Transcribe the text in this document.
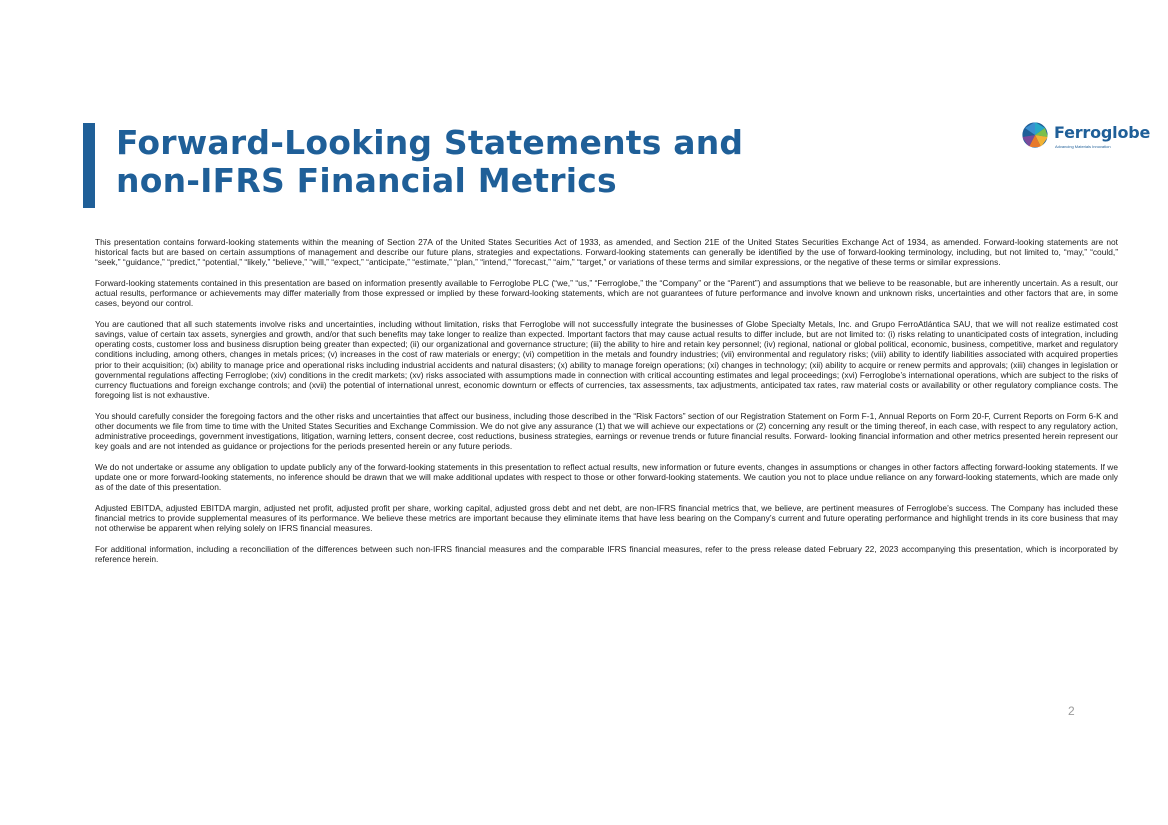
Forward-Looking Statements and
non-IFRS Financial Metrics
Ferroglobe
Advancing Materials Innovation

This presentation contains forward-looking statements within the meaning of Section 27A of the United States Securities Act of 1933, as amended, and Section 21E of the United States Securities Exchange Act of 1934, as amended. Forward-looking statements are not historical facts but are based on certain assumptions of management and describe our future plans, strategies and expectations. Forward-looking statements can generally be identified by the use of forward-looking terminology, including, but not limited to, “may,” “could,” “seek,” “guidance,” “predict,” “potential,” “likely,” “believe,” “will,” “expect,” “anticipate,” “estimate,” “plan,” “intend,” “forecast,” “aim,” “target,” or variations of these terms and similar expressions, or the negative of these terms or similar expressions.

Forward-looking statements contained in this presentation are based on information presently available to Ferroglobe PLC (“we,” “us,” “Ferroglobe,” the “Company” or the “Parent”) and assumptions that we believe to be reasonable, but are inherently uncertain. As a result, our actual results, performance or achievements may differ materially from those expressed or implied by these forward-looking statements, which are not guarantees of future performance and involve known and unknown risks, uncertainties and other factors that are, in some cases, beyond our control.

You are cautioned that all such statements involve risks and uncertainties, including without limitation, risks that Ferroglobe will not successfully integrate the businesses of Globe Specialty Metals, Inc. and Grupo FerroAtlántica SAU, that we will not realize estimated cost savings, value of certain tax assets, synergies and growth, and/or that such benefits may take longer to realize than expected. Important factors that may cause actual results to differ include, but are not limited to: (i) risks relating to unanticipated costs of integration, including operating costs, customer loss and business disruption being greater than expected; (ii) our organizational and governance structure; (iii) the ability to hire and retain key personnel; (iv) regional, national or global political, economic, business, competitive, market and regulatory conditions including, among others, changes in metals prices; (v) increases in the cost of raw materials or energy; (vi) competition in the metals and foundry industries; (vii) environmental and regulatory risks; (viii) ability to identify liabilities associated with acquired properties prior to their acquisition; (ix) ability to manage price and operational risks including industrial accidents and natural disasters; (x) ability to manage foreign operations; (xi) changes in technology; (xii) ability to acquire or renew permits and approvals; (xiii) changes in legislation or governmental regulations affecting Ferroglobe; (xiv) conditions in the credit markets; (xv) risks associated with assumptions made in connection with critical accounting estimates and legal proceedings; (xvi) Ferroglobe’s international operations, which are subject to the risks of currency fluctuations and foreign exchange controls; and (xvii) the potential of international unrest, economic downturn or effects of currencies, tax assessments, tax adjustments, anticipated tax rates, raw material costs or availability or other regulatory compliance costs. The foregoing list is not exhaustive.

You should carefully consider the foregoing factors and the other risks and uncertainties that affect our business, including those described in the “Risk Factors” section of our Registration Statement on Form F-1, Annual Reports on Form 20-F, Current Reports on Form 6-K and other documents we file from time to time with the United States Securities and Exchange Commission. We do not give any assurance (1) that we will achieve our expectations or (2) concerning any result or the timing thereof, in each case, with respect to any regulatory action, administrative proceedings, government investigations, litigation, warning letters, consent decree, cost reductions, business strategies, earnings or revenue trends or future financial results. Forward- looking financial information and other metrics presented herein represent our key goals and are not intended as guidance or projections for the periods presented herein or any future periods.

We do not undertake or assume any obligation to update publicly any of the forward-looking statements in this presentation to reflect actual results, new information or future events, changes in assumptions or changes in other factors affecting forward-looking statements. If we update one or more forward-looking statements, no inference should be drawn that we will make additional updates with respect to those or other forward-looking statements. We caution you not to place undue reliance on any forward-looking statements, which are made only as of the date of this presentation.

Adjusted EBITDA, adjusted EBITDA margin, adjusted net profit, adjusted profit per share, working capital, adjusted gross debt and net debt, are non-IFRS financial metrics that, we believe, are pertinent measures of Ferroglobe’s success. The Company has included these financial metrics to provide supplemental measures of its performance. We believe these metrics are important because they eliminate items that have less bearing on the Company’s current and future operating performance and highlight trends in its core business that may not otherwise be apparent when relying solely on IFRS financial measures.

For additional information, including a reconciliation of the differences between such non-IFRS financial measures and the comparable IFRS financial measures, refer to the press release dated February 22, 2023 accompanying this presentation, which is incorporated by reference herein.

2
